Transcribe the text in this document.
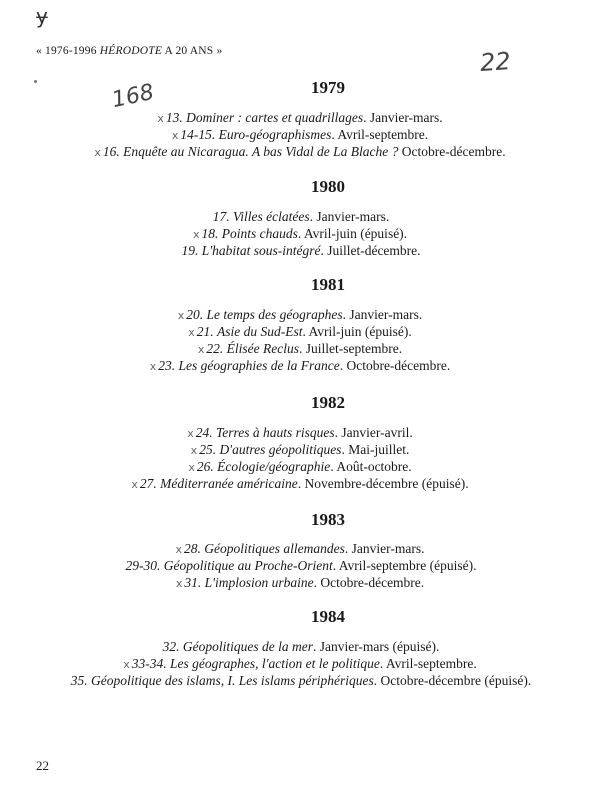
ɏ
« 1976-1996 HÉRODOTE A 20 ANS »
168
22
1979
x 13. Dominer : cartes et quadrillages. Janvier-mars.
x 14-15. Euro-géographismes. Avril-septembre.
x 16. Enquête au Nicaragua. A bas Vidal de La Blache ? Octobre-décembre.
1980
17. Villes éclatées. Janvier-mars.
x 18. Points chauds. Avril-juin (épuisé).
19. L'habitat sous-intégré. Juillet-décembre.
1981
x 20. Le temps des géographes. Janvier-mars.
x 21. Asie du Sud-Est. Avril-juin (épuisé).
x 22. Élisée Reclus. Juillet-septembre.
x 23. Les géographies de la France. Octobre-décembre.
1982
x 24. Terres à hauts risques. Janvier-avril.
x 25. D'autres géopolitiques. Mai-juillet.
x 26. Écologie/géographie. Août-octobre.
x 27. Méditerranée américaine. Novembre-décembre (épuisé).
1983
x 28. Géopolitiques allemandes. Janvier-mars.
29-30. Géopolitique au Proche-Orient. Avril-septembre (épuisé).
x 31. L'implosion urbaine. Octobre-décembre.
1984
32. Géopolitiques de la mer. Janvier-mars (épuisé).
x 33-34. Les géographes, l'action et le politique. Avril-septembre.
35. Géopolitique des islams, I. Les islams périphériques. Octobre-décembre (épuisé).
22
